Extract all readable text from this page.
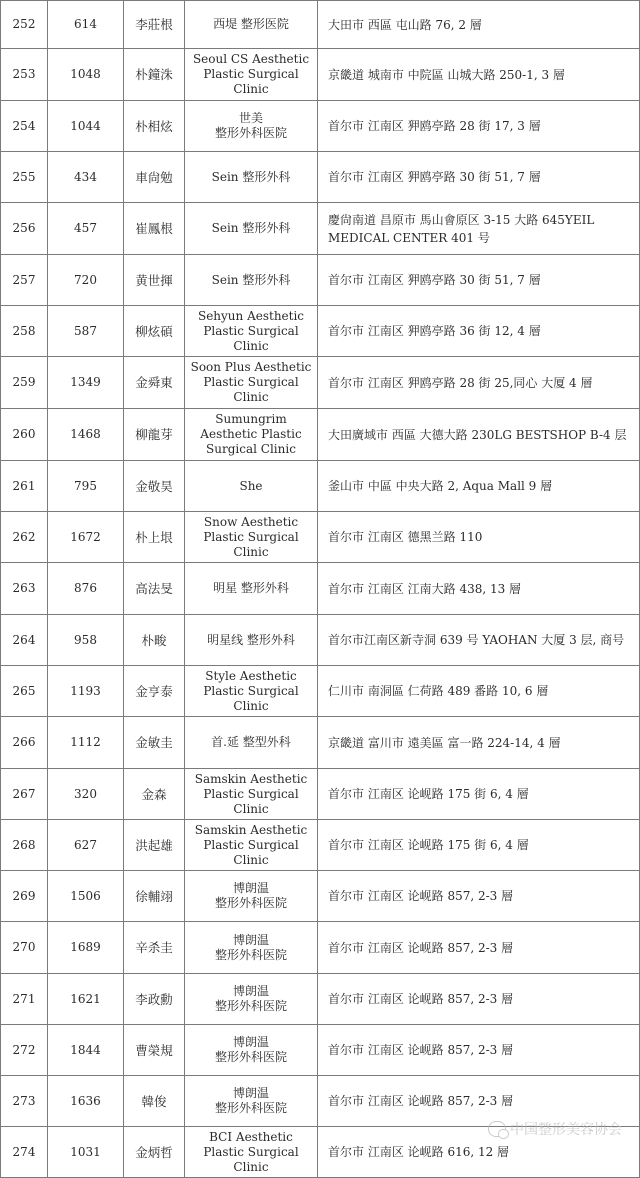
252	614	李莊根	西堤 整形医院	大田市 西區 屯山路 76, 2 層
253	1048	朴鐘洙	Seoul CS Aesthetic
Plastic Surgical
Clinic	京畿道 城南市 中院區 山城大路 250-1, 3 層
254	1044	朴相炫	世美
整形外科医院	首尔市 江南区 狎鸥亭路 28 街 17, 3 層
255	434	車尙勉	Sein 整形外科	首尔市 江南区 狎鸥亭路 30 街 51, 7 層
256	457	崔鳳根	Sein 整形外科	慶尙南道 昌原市 馬山會原区 3-15 大路 645YEIL MEDICAL CENTER 401 号
257	720	黄世揮	Sein 整形外科	首尔市 江南区 狎鸥亭路 30 街 51, 7 層
258	587	柳炫碩	Sehyun Aesthetic
Plastic Surgical
Clinic	首尔市 江南区 狎鸥亭路 36 街 12, 4 層
259	1349	金舜東	Soon Plus Aesthetic
Plastic Surgical
Clinic	首尔市 江南区 狎鸥亭路 28 街 25,同心 大厦 4 層
260	1468	柳龍芽	Sumungrim
Aesthetic Plastic
Surgical Clinic	大田廣域市 西區 大德大路 230LG BESTSHOP B-4 层
261	795	金敬昊	She	釜山市 中區 中央大路 2, Aqua Mall 9 層
262	1672	朴上垠	Snow Aesthetic
Plastic Surgical
Clinic	首尔市 江南区 德黑兰路 110
263	876	高法旻	明星 整形外科	首尔市 江南区 江南大路 438, 13 層
264	958	朴畯	明星线 整形外科	首尔市江南区新寺洞 639 号 YAOHAN 大厦 3 层, 商号
265	1193	金亨泰	Style Aesthetic
Plastic Surgical
Clinic	仁川市 南洞區 仁荷路 489 番路 10, 6 層
266	1112	金敏圭	首.延 整型外科	京畿道 富川市 遠美區 富一路 224-14, 4 層
267	320	金森	Samskin Aesthetic
Plastic Surgical
Clinic	首尔市 江南区 论岘路 175 街 6, 4 層
268	627	洪起雄	Samskin Aesthetic
Plastic Surgical
Clinic	首尔市 江南区 论岘路 175 街 6, 4 層
269	1506	徐輔翊	博朗温
整形外科医院	首尔市 江南区 论岘路 857, 2-3 層
270	1689	辛杀圭	博朗温
整形外科医院	首尔市 江南区 论岘路 857, 2-3 層
271	1621	李政勳	博朗温
整形外科医院	首尔市 江南区 论岘路 857, 2-3 層
272	1844	曹榮規	博朗温
整形外科医院	首尔市 江南区 论岘路 857, 2-3 層
273	1636	韓俊	博朗温
整形外科医院	首尔市 江南区 论岘路 857, 2-3 層
274	1031	金炳哲	BCI Aesthetic
Plastic Surgical
Clinic	首尔市 江南区 论岘路 616, 12 層
中国整形美容协会
